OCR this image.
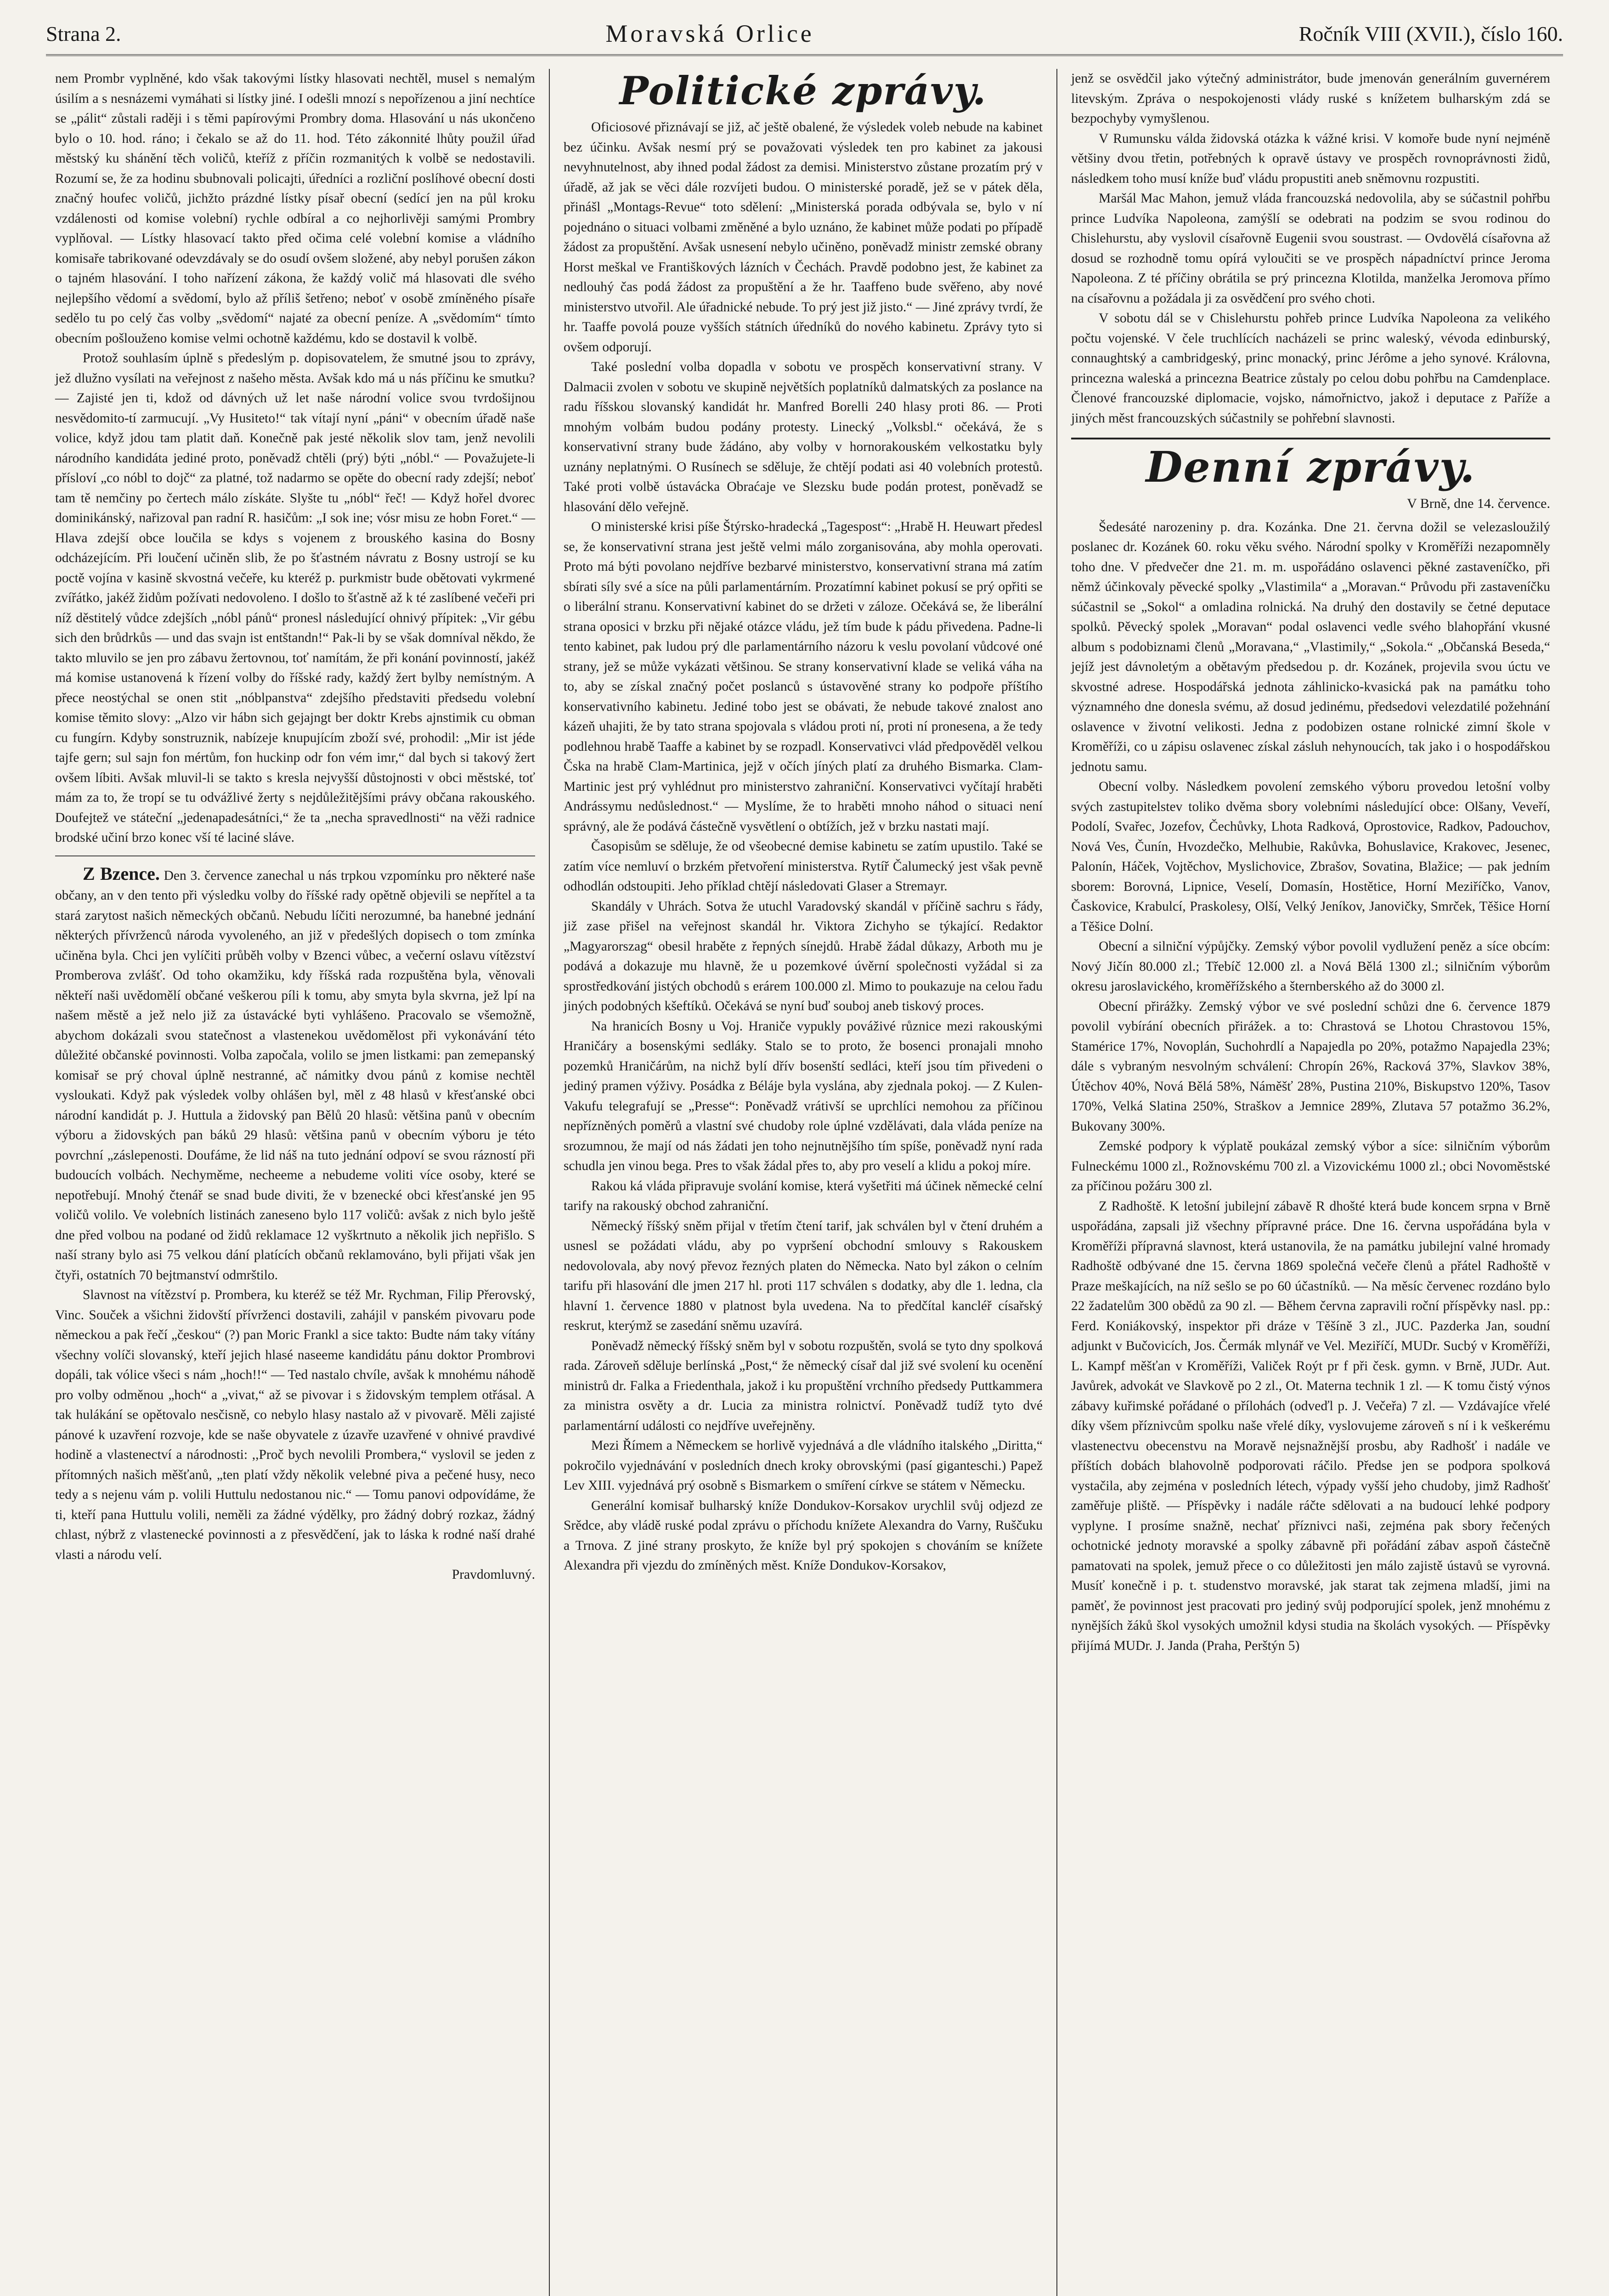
Strana 2.	Moravská Orlice	Ročník VIII (XVII.), číslo 160.

nem Prombr vyplněné, kdo však takovými lístky hlasovati nechtěl, musel s nemalým úsilím a s nesnázemi vymáhati si lístky jiné. I odešli mnozí s nepořízenou a jiní nechtíce se „pálit“ zůstali raději i s těmi papírovými Prombry doma. Hlasování u nás ukončeno bylo o 10. hod. ráno; i čekalo se až do 11. hod. Této zákonnité lhůty použil úřad městský ku shánění těch voličů, kteříž z příčin rozmanitých k volbě se nedostavili. Rozumí se, že za hodinu sbubnovali policajti, úředníci a rozliční poslíhové obecní dosti značný houfec voličů, jichžto prázdné lístky písař obecní (sedící jen na půl kroku vzdálenosti od komise volební) rychle odbíral a co nejhorlivěji samými Prombry vyplňoval. — Lístky hlasovací takto před očima celé volební komise a vládního komisaře tabrikované odevzdávaly se do osudí ovšem složené, aby nebyl porušen zákon o tajném hlasování. I toho nařízení zákona, že každý volič má hlasovati dle svého nejlepšího vědomí a svědomí, bylo až příliš šetřeno; neboť v osobě zmíněného písaře sedělo tu po celý čas volby „svědomí“ najaté za obecní peníze. A „svědomím“ tímto obecním pošlouženo komise velmi ochotně každému, kdo se dostavil k volbě.

Protož souhlasím úplně s předeslým p. dopisovatelem, že smutné jsou to zprávy, jež dlužno vysílati na veřejnost z našeho města. Avšak kdo má u nás příčinu ke smutku? — Zajisté jen ti, kdož od dávných už let naše národní volice svou tvrdošijnou nesvědomito-tí zarmucují. „Vy Husiteto!“ tak vítají nyní „páni“ v obecním úřadě naše volice, když jdou tam platit daň. Konečně pak jesté několik slov tam, jenž nevolili národního kandidáta jediné proto, poněvadž chtěli (prý) býti „nóbl.“ — Považujete-li přísloví „co nóbl to dojč“ za platné, tož nadarmo se opěte do obecní rady zdejší; neboť tam tě nemčiny po čertech málo získáte. Slyšte tu „nóbl“ řeč! — Když hořel dvorec dominikánský, nařizoval pan radní R. hasičům: „I sok ine; vósr misu ze hobn Foret.“ — Hlava zdejší obce loučila se kdys s vojenem z brouského kasina do Bosny odcházejícím. Při loučení učiněn slib, že po šťastném návratu z Bosny ustrojí se ku poctě vojína v kasině skvostná večeře, ku kteréž p. purkmistr bude obětovati vykrmené zvířátko, jakéž židům požívati nedovoleno. I došlo to šťastně až k té zaslíbené večeři pri níž děstitelý vůdce zdejších „nóbl pánů“ pronesl následující ohnivý přípitek: „Vir gébu sich den brůdrkůs — und das svajn ist entštandn!“ Pak-li by se však domníval někdo, že takto mluvilo se jen pro zábavu žertovnou, toť namítám, že při konání povinností, jakéž má komise ustanovená k řízení volby do říšské rady, každý žert bylby nemístným. A přece neostýchal se onen stit „nóblpanstva“ zdejšího představiti předsedu volební komise těmito slovy: „Alzo vir hábn sich gejajngt ber doktr Krebs ajnstimik cu obman cu fungírn. Kdyby sonstruznik, nabízeje knupujícím zboží své, prohodil: „Mir ist jéde tajfe gern; sul sajn fon mértům, fon huckinp odr fon vém imr,“ dal bych si takový žert ovšem líbiti. Avšak mluvil-li se takto s kresla nejvyšší důstojnosti v obci městské, toť mám za to, že tropí se tu odvážlivé žerty s nejdůležitějšími právy občana rakouského. Doufejtež ve státeční „jedenapadesátníci,“ že ta „necha spravedlnosti“ na věži radnice brodské učiní brzo konec vší té laciné sláve.

Z Bzence. Den 3. července zanechal u nás trpkou vzpomínku pro některé naše občany, an v den tento při výsledku volby do říšské rady opětně objevili se nepřítel a ta stará zarytost našich německých občanů. Nebudu líčiti nerozumné, ba hanebné jednání některých přívrženců národa vyvoleného, an již v předešlých dopisech o tom zmínka učiněna byla. Chci jen vylíčiti průběh volby v Bzenci vůbec, a večerní oslavu vítězství Promberova zvlášť. Od toho okamžiku, kdy říšská rada rozpuštěna byla, věnovali někteří naši uvědomělí občané veškerou píli k tomu, aby smyta byla skvrna, jež lpí na našem městě a jež nelo již za ústavácké byti vyhlášeno. Pracovalo se všemožně, abychom dokázali svou statečnost a vlastenekou uvědomělost při vykonávání této důležité občanské povinnosti. Volba započala, volilo se jmen listkami: pan zemepanský komisař se prý choval úplně nestranné, ač námitky dvou pánů z komise nechtěl vysloukati. Když pak výsledek volby ohlášen byl, měl z 48 hlasů v křesťanské obci národní kandidát p. J. Huttula a židovský pan Bělů 20 hlasů: většina panů v obecním výboru a židovských pan báků 29 hlasů: většina panů v obecním výboru je této povrchní „záslepenosti. Doufáme, že lid náš na tuto jednání odpoví se svou rázností při budoucích volbách. Nechyměme, necheeme a nebudeme voliti více osoby, které se nepotřebují. Mnohý čtenář se snad bude diviti, že v bzenecké obci křesťanské jen 95 voličů volilo. Ve volebních listinách zaneseno bylo 117 voličů: avšak z nich bylo ještě dne před volbou na podané od židů reklamace 12 vyškrtnuto a několik jich nepřišlo. S naší strany bylo asi 75 velkou dání platících občanů reklamováno, byli přijati však jen čtyři, ostatních 70 bejtmanství odmrštilo.

Slavnost na vítězství p. Prombera, ku kteréž se též Mr. Rychman, Filip Přerovský, Vinc. Souček a všichni židovští přívrženci dostavili, zahájil v panském pivovaru pode německou a pak řečí „českou“ (?) pan Moric Frankl a sice takto: Budte nám taky vítány všechny volíči slovanský, kteří jejich hlasé naseeme kandidátu pánu doktor Prombrovi dopáli, tak vólice všeci s nám „hoch!!“ — Ted nastalo chvíle, avšak k mnohému náhodě pro volby odměnou „hoch“ a „vivat,“ až se pivovar i s židovským templem otřásal. A tak hulákání se opětovalo nesčisně, co nebylo hlasy nastalo až v pivovarě. Měli zajisté pánové k uzavření rozvoje, kde se naše obyvatele z úzavře uzavřené v ohnivé pravdivé hodině a vlastenectví a národnosti: ,,Proč bych nevolili Prombera,“ vyslovil se jeden z přítomných našich měšťanů, „ten platí vždy několik velebné piva a pečené husy, neco tedy a s nejenu vám p. volili Huttulu nedostanou nic.“ — Tomu panovi odpovídáme, že ti, kteří pana Huttulu volili, neměli za žádné výdělky, pro žádný dobrý rozkaz, žádný chlast, nýbrž z vlastenecké povinnosti a z přesvědčení, jak to láska k rodné naší drahé vlasti a národu velí.

Pravdomluvný.

Politické zprávy.

Oficiosové přiznávají se již, ač ještě obalené, že výsledek voleb nebude na kabinet bez účinku. Avšak nesmí prý se považovati výsledek ten pro kabinet za jakousi nevyhnutelnost, aby ihned podal žádost za demisi. Ministerstvo zůstane prozatím prý v úřadě, až jak se věci dále rozvíjeti budou. O ministerské poradě, jež se v pátek děla, přinášl „Montags-Revue“ toto sdělení: „Ministerská porada odbývala se, bylo v ní pojednáno o situaci volbami změněné a bylo uznáno, že kabinet může podati po případě žádost za propuštění. Avšak usnesení nebylo učiněno, poněvadž ministr zemské obrany Horst meškal ve Františkových lázních v Čechách. Pravdě podobno jest, že kabinet za nedlouhý čas podá žádost za propuštění a že hr. Taaffeno bude svěřeno, aby nové ministerstvo utvořil. Ale úřadnické nebude. To prý jest již jisto.“ — Jiné zprávy tvrdí, že hr. Taaffe povolá pouze vyšších státních úředníků do nového kabinetu. Zprávy tyto si ovšem odporují.

Také poslední volba dopadla v sobotu ve prospěch konservativní strany. V Dalmacii zvolen v sobotu ve skupině největších poplatníků dalmatských za poslance na radu říšskou slovanský kandidát hr. Manfred Borelli 240 hlasy proti 86. — Proti mnohým volbám budou podány protesty. Linecký „Volksbl.“ očekává, že s konservativní strany bude žádáno, aby volby v hornorakouském velkostatku byly uznány neplatnými. O Rusínech se sděluje, že chtějí podati asi 40 volebních protestů. Také proti volbě ústavácka Obraćaje ve Slezsku bude podán protest, poněvadž se hlasování dělo veřejně.

O ministerské krisi píše Štýrsko-hradecká „Tagespost“: „Hrabě H. Heuwart předesl se, že konservativní strana jest ještě velmi málo zorganisována, aby mohla operovati. Proto má býti povolano nejdříve bezbarvé ministerstvo, konservativní strana má zatím sbírati síly své a síce na půli parlamentárním. Prozatímní kabinet pokusí se prý opřiti se o liberální stranu. Konservativní kabinet do se držeti v záloze. Očekává se, že liberální strana oposici v brzku při nějaké otázce vládu, jež tím bude k pádu přivedena. Padne-li tento kabinet, pak ludou prý dle parlamentárního názoru k veslu povolaní vůdcové oné strany, jež se může vykázati většinou. Se strany konservativní klade se veliká váha na to, aby se získal značný počet poslanců s ústavověné strany ko podpoře příštího konservativního kabinetu. Jediné tobo jest se obávati, že nebude takové znalost ano kázeň uhajiti, že by tato strana spojovala s vládou proti ní, proti ní pronesena, a že tedy podlehnou hrabě Taaffe a kabinet by se rozpadl. Konservativci vlád předpověděl velkou Čska na hrabě Clam-Martinica, jejž v očích jíných platí za druhého Bismarka. Clam-Martinic jest prý vyhlédnut pro ministerstvo zahraniční. Konservativci vyčítají hraběti Andrássymu nedůslednost.“ — Myslíme, že to hraběti mnoho náhod o situaci není správný, ale že podává částečně vysvětlení o obtížích, jež v brzku nastati mají.

Časopisům se sděluje, že od všeobecné demise kabinetu se zatím upustilo. Také se zatím více nemluví o brzkém přetvoření ministerstva. Rytíř Čalumecký jest však pevně odhodlán odstoupiti. Jeho příklad chtějí následovati Glaser a Stremayr.

Skandály v Uhrách. Sotva že utuchl Varadovský skandál v příčině sachru s řády, již zase přišel na veřejnost skandál hr. Viktora Zichyho se týkající. Redaktor „Magyarorszag“ obesil hraběte z řepných sínejdů. Hrabě žádal důkazy, Arboth mu je podává a dokazuje mu hlavně, že u pozemkové úvěrní společnosti vyžádal si za sprostředkování jistých obchodů s erárem 100.000 zl. Mimo to poukazuje na celou řadu jiných podobných kšeftíků. Očekává se nyní buď souboj aneb tiskový proces.

Na hranicích Bosny u Voj. Hraniče vypukly pováživé různice mezi rakouskými Hraničáry a bosenskými sedláky. Stalo se to proto, že bosenci pronajali mnoho pozemků Hraničárům, na nichž bylí dřív bosenští sedláci, kteří jsou tím přivedeni o jediný pramen výživy. Posádka z Béláje byla vyslána, aby zjednala pokoj. — Z Kulen-Vakufu telegrafují se „Presse“: Poněvadž vrátivší se uprchlíci nemohou za příčinou nepřízněných poměrů a vlastní své chudoby role úplné vzdělávati, dala vláda peníze na srozumnou, že mají od nás žádati jen toho nejnutnějšího tím spíše, poněvadž nyní rada schudla jen vinou bega. Pres to však žádal přes to, aby pro veselí a klidu a pokoj míre.

Rakou ká vláda připravuje svolání komise, která vyšetřiti má účinek německé celní tarify na rakouský obchod zahraniční.

Německý říšský sněm přijal v třetím čtení tarif, jak schválen byl v čtení druhém a usnesl se požádati vládu, aby po vypršení obchodní smlouvy s Rakouskem nedovolovala, aby nový převoz řezných platen do Německa. Nato byl zákon o celním tarifu při hlasování dle jmen 217 hl. proti 117 schválen s dodatky, aby dle 1. ledna, cla hlavní 1. července 1880 v platnost byla uvedena. Na to předčítal kancléř císařský reskrut, kterýmž se zasedání sněmu uzavírá.

Poněvadž německý říšský sněm byl v sobotu rozpuštěn, svolá se tyto dny spolková rada. Zároveň sděluje berlínská „Post,“ že německý císař dal již své svolení ku ocenění ministrů dr. Falka a Friedenthala, jakož i ku propuštění vrchního předsedy Puttkammera za ministra osvěty a dr. Lucia za ministra rolnictví. Poněvadž tudíž tyto dvé parlamentární události co nejdříve uveřejněny.

Mezi Římem a Německem se horlivě vyjednává a dle vládního italského „Diritta,“ pokročilo vyjednávání v posledních dnech kroky obrovskými (pasí giganteschi.) Papež Lev XIII. vyjednává prý osobně s Bismarkem o smíření církve se státem v Německu.

Generální komisař bulharský kníže Dondukov-Korsakov urychlil svůj odjezd ze Srědce, aby vládě ruské podal zprávu o příchodu knížete Alexandra do Varny, Ruščuku a Trnova. Z jiné strany proskyto, že kníže byl prý spokojen s chováním se knížete Alexandra při vjezdu do zmíněných měst. Kníže Dondukov-Korsakov,

jenž se osvědčil jako výtečný administrátor, bude jmenován generálním guvernérem litevským. Zpráva o nespokojenosti vlády ruské s knížetem bulharským zdá se bezpochyby vymyšlenou.

V Rumunsku válda židovská otázka k vážné krisi. V komoře bude nyní nejméně většiny dvou třetin, potřebných k opravě ústavy ve prospěch rovnoprávnosti židů, následkem toho musí kníže buď vládu propustiti aneb sněmovnu rozpustiti.

Maršál Mac Mahon, jemuž vláda francouzská nedovolila, aby se súčastnil pohřbu prince Ludvíka Napoleona, zamýšlí se odebrati na podzim se svou rodinou do Chislehurstu, aby vyslovil císařovně Eugenii svou soustrast. — Ovdovělá císařovna až dosud se rozhodně tomu opírá vyloučiti se ve prospěch nápadníctví prince Jeroma Napoleona. Z té příčiny obrátila se prý princezna Klotilda, manželka Jeromova přímo na císařovnu a požádala ji za osvědčení pro svého choti.

V sobotu dál se v Chislehurstu pohřeb prince Ludvíka Napoleona za velikého počtu vojenské. V čele truchlících nacházeli se princ waleský, vévoda edinburský, connaughtský a cambridgeský, princ monacký, princ Jérôme a jeho synové. Královna, princezna waleská a princezna Beatrice zůstaly po celou dobu pohřbu na Camdenplace. Členové francouzské diplomacie, vojsko, námořnictvo, jakož i deputace z Paříže a jiných měst francouzských súčastnily se pohřební slavnosti.

Denní zprávy.
V Brně, dne 14. července.

Šedesáté narozeniny p. dra. Kozánka. Dne 21. června dožil se velezasloužilý poslanec dr. Kozánek 60. roku věku svého. Národní spolky v Kroměříži nezapomněly toho dne. V předvečer dne 21. m. m. uspořádáno oslavenci pěkné zastaveníčko, při němž účinkovaly pěvecké spolky „Vlastimila“ a „Moravan.“ Průvodu při zastaveníčku súčastnil se „Sokol“ a omladina rolnická. Na druhý den dostavily se četné deputace spolků. Pěvecký spolek „Moravan“ podal oslavenci vedle svého blahopřání vkusné album s podobiznami členů „Moravana,“ „Vlastimily,“ „Sokola.“ „Občanská Beseda,“ jejíž jest dávnoletým a obětavým předsedou p. dr. Kozánek, projevila svou úctu ve skvostné adrese. Hospodářská jednota záhlinicko-kvasická pak na památku toho významného dne donesla svému, až dosud jedinému, předsedovi velezdatilé požehnání oslavence v životní velikosti. Jedna z podobizen ostane rolnické zimní škole v Kroměříži, co u zápisu oslavenec získal zásluh nehynoucích, tak jako i o hospodářskou jednotu samu.

Obecní volby. Následkem povolení zemského výboru provedou letošní volby svých zastupitelstev tolikо dvěma sbory volebními následující obce: Olšany, Veveří, Podolí, Svařec, Jozefov, Čechůvky, Lhota Radková, Oprostovice, Radkov, Padouchov, Nová Ves, Čunín, Hvozdečko, Melhubie, Rakůvka, Bohuslavice, Krakovec, Jesenec, Palonín, Háček, Vojtěchov, Myslichovice, Zbrašov, Sovatina, Blažice; — pak jedním sborem: Borovná, Lipnice, Veselí, Domasín, Hostětice, Horní Meziříčko, Vanov, Časkovice, Krabulcí, Praskolesy, Olší, Velký Jeníkov, Janovičky, Smrček, Těšice Horní a Těšice Dolní.

Obecní a silniční výpůjčky. Zemský výbor povolil vydlužení peněz a síce obcím: Nový Jičín 80.000 zl.; Třebíč 12.000 zl. a Nová Bělá 1300 zl.; silničním výborům okresu jaroslavického, kroměřížského a šternberského až do 3000 zl.

Obecní přirážky. Zemský výbor ve své poslední schůzi dne 6. července 1879 povolil vybírání obecních přirážek. a to: Chrastová se Lhotou Chrastovou 15%, Stamérice 17%, Novoplán, Suchohrdlí a Napajedla po 20%, potažmo Napajedla 23%; dále s vybraným nesvolným schválení: Chropín 26%, Racková 37%, Slavkov 38%, Útěchov 40%, Nová Bělá 58%, Náměšť 28%, Pustina 210%, Biskupstvo 120%, Tasov 170%, Velká Slatina 250%, Straškov a Jemnice 289%, Zlutava 57 potažmo 36.2%, Bukovany 300%.

Zemské podpory k výplatě poukázal zemský výbor a síce: silničním výborům Fulneckému 1000 zl., Rožnovskému 700 zl. a Vizovickému 1000 zl.; obci Novoměstské za příčinou požáru 300 zl.

Z Radhoště. K letošní jubilejní zábavě R dhošté která bude koncem srpna v Brně uspořádána, zapsali již všechny přípravné práce. Dne 16. června uspořádána byla v Kroměříži přípravná slavnost, která ustanovila, že na památku jubilejní valné hromady Radhoště odbývané dne 15. června 1869 společná večeře členů a přátel Radhoště v Praze meškajících, na níž sešlo se po 60 účastníků. — Na měsíc červenec rozdáno bylo 22 žadatelům 300 obědů za 90 zl. — Během června zapravili roční příspěvky nasl. pp.: Ferd. Koniákovský, inspektor při dráze v Těšíně 3 zl., JUC. Pazderka Jan, soudní adjunkt v Bučovicích, Jos. Čermák mlynář ve Vel. Meziříčí, MUDr. Sucbý v Kroměříži, L. Kampf měšťan v Kroměříži, Valiček Roýt pr f při česk. gymn. v Brně, JUDr. Aut. Javůrek, advokát ve Slavkově po 2 zl., Ot. Materna technik 1 zl. — K tomu čistý výnos zábavy kuřimské pořádané o přílohách (odveďl p. J. Večeřa) 7 zl. — Vzdávajíce vřelé díky všem příznivcům spolku naše vřelé díky, vyslovujeme zároveň s ní i k veškerému vlastenectvu obecenstvu na Moravě nejsnažnější prosbu, aby Radhošť i nadále ve příštích dobách blahovolně podporovati ráčilo. Předse jen se podpora spolková vystačila, aby zejména v posledních létech, výpady vyšší jeho chudoby, jimž Radhošť zaměřuje pliště. — Příspěvky i nadále ráčte sdělovati a na budoucí lehké podpory vyplyne. I prosíme snažně, nechať příznivci naši, zejména pak sbory řečených ochotnické jednoty moravské a spolky zábavně při pořádání zábav aspoň částečně pamatovati na spolek, jemuž přece o co důležitosti jen málo zajistě ústavů se vyrovná. Musíť konečně i p. t. studenstvo moravské, jak starat tak zejmena mladší, jimi na paměť, že povinnost jest pracovati pro jediný svůj podporující spolek, jenž mnohému z nynějších žáků škol vysokých umožnil kdysi studia na školách vysokých. — Příspěvky přijímá MUDr. J. Janda (Praha, Perštýn 5)
